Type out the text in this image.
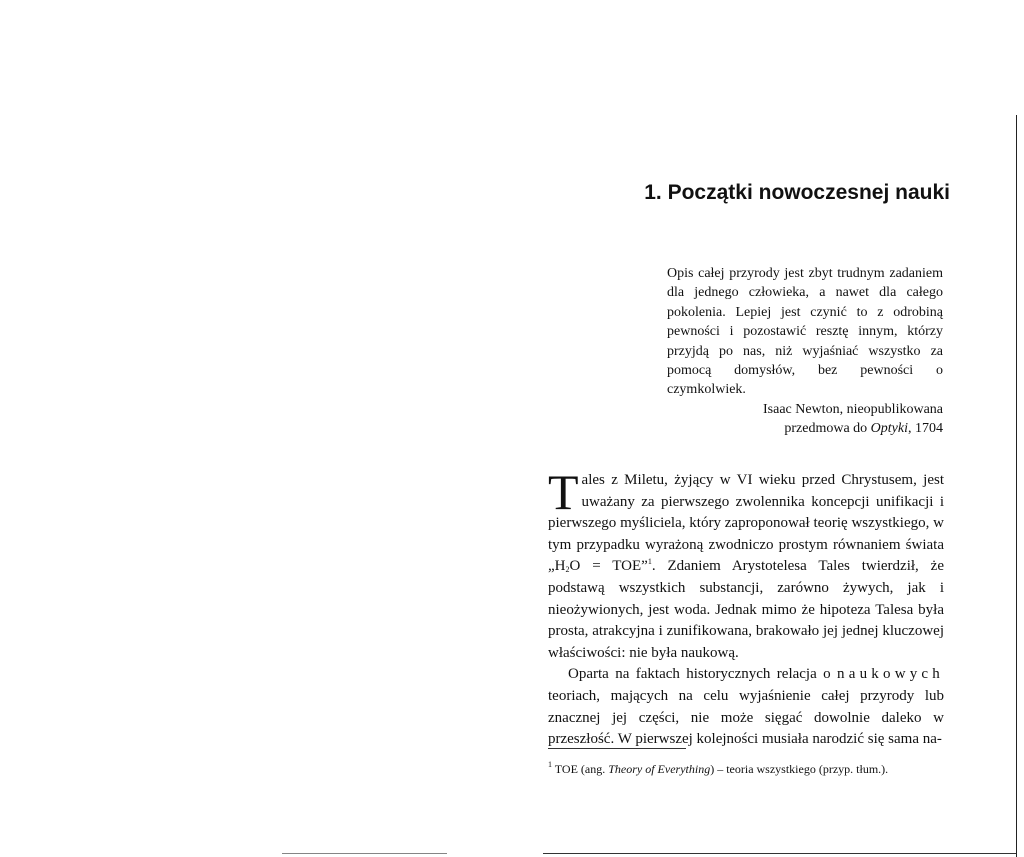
1. Początki nowoczesnej nauki

Opis całej przyrody jest zbyt trudnym zadaniem dla jednego człowieka, a nawet dla całego pokolenia. Lepiej jest czynić to z odrobiną pewności i pozostawić resztę innym, którzy przyjdą po nas, niż wyjaśniać wszystko za pomocą domysłów, bez pewności o czymkolwiek.

Isaac Newton, nieopublikowana

przedmowa do Optyki, 1704

Tales z Miletu, żyjący w VI wieku przed Chrystusem, jest uważany za pierwszego zwolennika koncepcji unifikacji i pierwszego myśliciela, który zaproponował teorię wszystkiego, w tym przypadku wyrażoną zwodniczo prostym równaniem świata $„H_2O$ = TOE”$^1$. Zdaniem Arystotelesa Tales twierdził, że podstawą wszystkich substancji, zarówno żywych, jak i nieożywionych, jest woda. Jednak mimo że hipoteza Talesa była prosta, atrakcyjna i zunifikowana, brakowało jej jednej kluczowej właściwości: nie była naukową.

Oparta na faktach historycznych relacja o naukowych teoriach, mających na celu wyjaśnienie całej przyrody lub znacznej jej części, nie może sięgać dowolnie daleko w przeszłość. W pierwszej kolejności musiała narodzić się sama na-

$^1$ TOE (ang. Theory of Everything) – teoria wszystkiego (przyp. tłum.).
